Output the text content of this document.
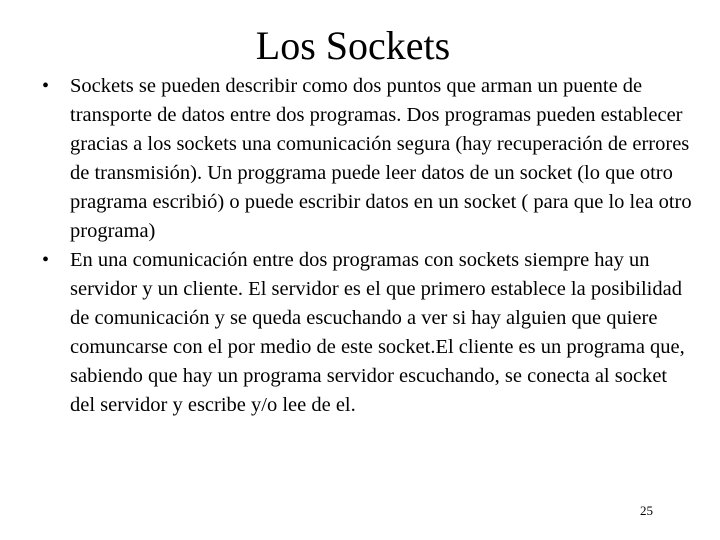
Los Sockets
• Sockets se pueden describir como dos puntos que arman un puente de transporte de datos entre dos programas. Dos programas pueden establecer gracias a los sockets una comunicación segura (hay recuperación de errores de transmisión). Un proggrama puede leer datos de un socket (lo que otro pragrama escribió) o puede escribir datos en un socket ( para que lo lea otro programa)
• En una comunicación entre dos programas con sockets siempre hay un servidor y un cliente. El servidor es el que primero establece la posibilidad de comunicación y se queda escuchando a ver si hay alguien que quiere comuncarse con el por medio de este socket.El cliente es un programa que, sabiendo que hay un programa servidor escuchando, se conecta al socket del servidor y escribe y/o lee de el.
25
